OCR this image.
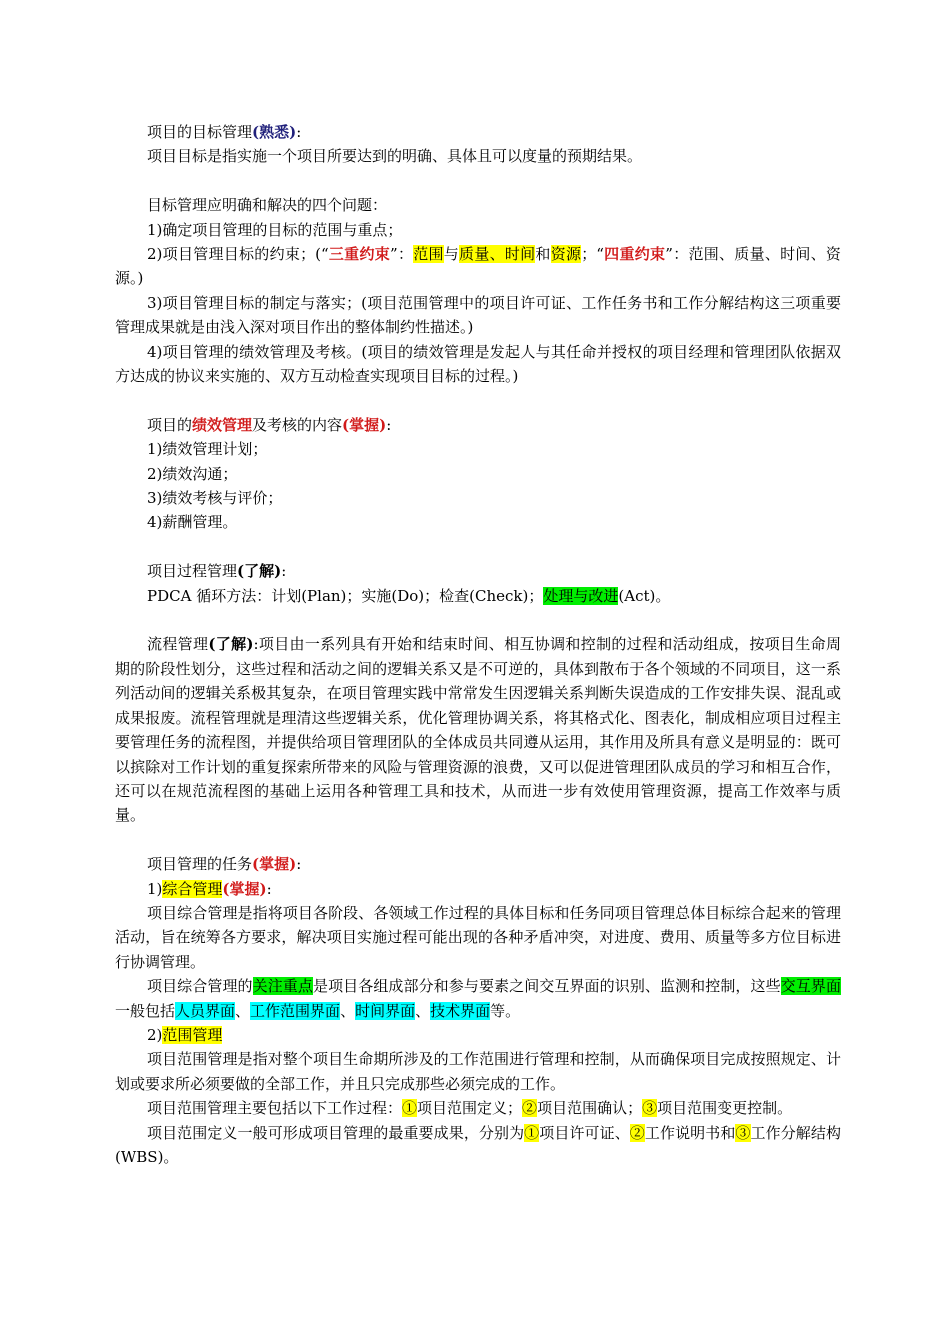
项目的目标管理(熟悉):

项目目标是指实施一个项目所要达到的明确、具体且可以度量的预期结果。

目标管理应明确和解决的四个问题：

1)确定项目管理的目标的范围与重点；

2)项目管理目标的约束；(“三重约束”：范围与质量、时间和资源；“四重约束”：范围、质量、时间、资源。)

3)项目管理目标的制定与落实；(项目范围管理中的项目许可证、工作任务书和工作分解结构这三项重要管理成果就是由浅入深对项目作出的整体制约性描述。)

4)项目管理的绩效管理及考核。(项目的绩效管理是发起人与其任命并授权的项目经理和管理团队依据双方达成的协议来实施的、双方互动检查实现项目目标的过程。)

项目的绩效管理及考核的内容(掌握):

1)绩效管理计划；

2)绩效沟通；

3)绩效考核与评价；

4)薪酬管理。

项目过程管理(了解):

PDCA 循环方法：计划(Plan)；实施(Do)；检查(Check)；处理与改进(Act)。

流程管理(了解):项目由一系列具有开始和结束时间、相互协调和控制的过程和活动组成，按项目生命周期的阶段性划分，这些过程和活动之间的逻辑关系又是不可逆的，具体到散布于各个领域的不同项目，这一系列活动间的逻辑关系极其复杂，在项目管理实践中常常发生因逻辑关系判断失误造成的工作安排失误、混乱或成果报废。流程管理就是理清这些逻辑关系，优化管理协调关系，将其格式化、图表化，制成相应项目过程主要管理任务的流程图，并提供给项目管理团队的全体成员共同遵从运用，其作用及所具有意义是明显的：既可以摈除对工作计划的重复探索所带来的风险与管理资源的浪费，又可以促进管理团队成员的学习和相互合作，还可以在规范流程图的基础上运用各种管理工具和技术，从而进一步有效使用管理资源，提高工作效率与质量。

项目管理的任务(掌握):

1)综合管理(掌握):

项目综合管理是指将项目各阶段、各领域工作过程的具体目标和任务同项目管理总体目标综合起来的管理活动，旨在统筹各方要求，解决项目实施过程可能出现的各种矛盾冲突，对进度、费用、质量等多方位目标进行协调管理。

项目综合管理的关注重点是项目各组成部分和参与要素之间交互界面的识别、监测和控制，这些交互界面一般包括人员界面、工作范围界面、时间界面、技术界面等。

2)范围管理

项目范围管理是指对整个项目生命期所涉及的工作范围进行管理和控制，从而确保项目完成按照规定、计划或要求所必须要做的全部工作，并且只完成那些必须完成的工作。

项目范围管理主要包括以下工作过程：①项目范围定义；②项目范围确认；③项目范围变更控制。

项目范围定义一般可形成项目管理的最重要成果，分别为①项目许可证、②工作说明书和③工作分解结构(WBS)。
